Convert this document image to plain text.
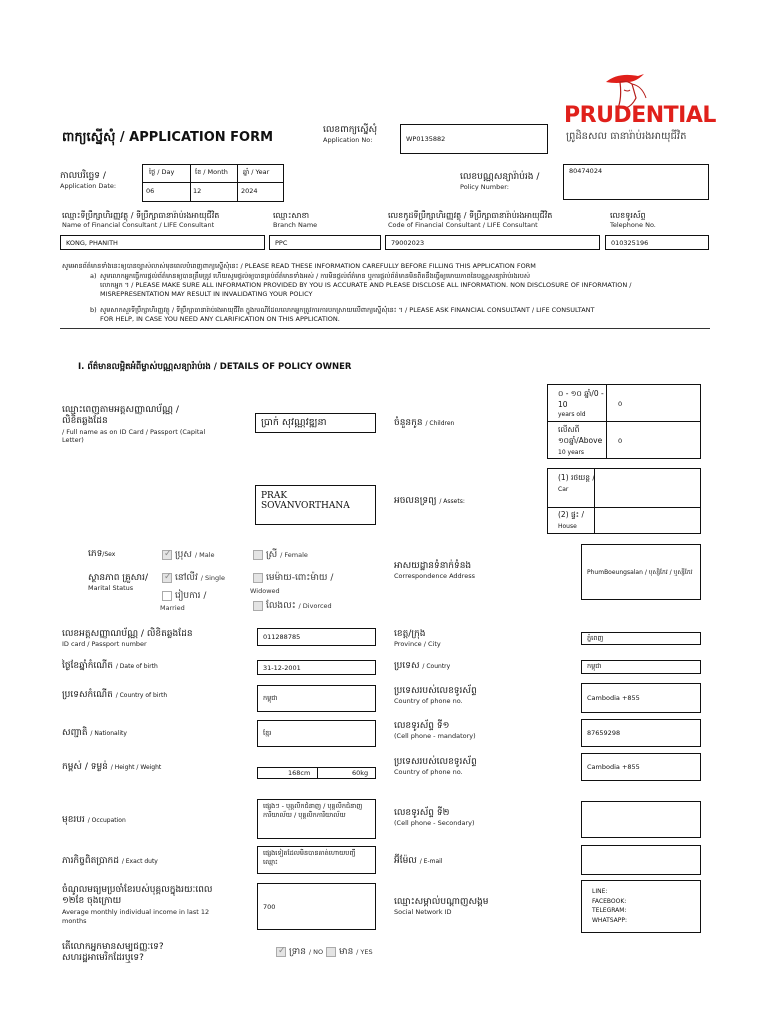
PRUDENTIAL
ព្រូដិនសល ធានារ៉ាប់រងអាយុជីវិត
ពាក្យស្នើសុំ / APPLICATION FORM	លេខពាក្យស្នើសុំ
Application No:	WP0135882
កាលបរិច្ឆេទ /
Application Date:
ថ្ងៃ / Day	ខែ / Month ឆ្នាំ / Year
06	12	2024
លេខបណ្ណសន្យារ៉ាប់រង /
Policy Number:
80474024
ឈ្មោះទីប្រឹក្សាហិរញ្ញវត្ថុ / ទីប្រឹក្សាធានារ៉ាប់រងអាយុជីវិត
Name of Financial Consultant / LIFE Consultant
KONG, PHANITH
ឈ្មោះសាខា
Branch Name
PPC
លេខកូដទីប្រឹក្សាហិរញ្ញវត្ថុ / ទីប្រឹក្សាធានារ៉ាប់រងអាយុជីវិត
Code of Financial Consultant / LIFE Consultant
79002023
លេខទូរស័ព្ទ
Telephone No.
010325196
សូមអានព័ត៌មានទាំងនេះឲ្យបានច្បាស់លាស់មុនពេលបំពេញពាក្យស្នើសុំនេះ / PLEASE READ THESE INFORMATION CAREFULLY BEFORE FILLING THIS APPLICATION FORM
a) សូមលោកអ្នកធ្វើការផ្តល់ព័ត៌មានឲ្យបានត្រឹមត្រូវ ហើយសូមផ្តល់ឲ្យបានគ្រប់ព័ត៌មានទាំងអស់ / ការមិនផ្តល់ព័ត៌មាន ឬការផ្តល់ព័ត៌មានមិនពិតនឹងធ្វើឲ្យមោឃភាពនៃបណ្ណសន្យារ៉ាប់រងរបស់
លោកអ្នក ។ / PLEASE MAKE SURE ALL INFORMATION PROVIDED BY YOU IS ACCURATE AND PLEASE DISCLOSE ALL INFORMATION. NON DISCLOSURE OF INFORMATION /
MISREPRESENTATION MAY RESULT IN INVALIDATING YOUR POLICY
b) សូមសាកសួរទីប្រឹក្សាហិរញ្ញវត្ថុ / ទីប្រឹក្សាធានារ៉ាប់រងអាយុជីវិត ក្នុងករណីដែលលោកអ្នកត្រូវការការបកស្រាយលើពាក្យស្នើសុំនេះ ។ / PLEASE ASK FINANCIAL CONSULTANT / LIFE CONSULTANT
FOR HELP, IN CASE YOU NEED ANY CLARIFICATION ON THIS APPLICATION.
I. ព័ត៌មានលម្អិតអំពីម្ចាស់បណ្ណសន្យារ៉ាប់រង / DETAILS OF POLICY OWNER
ឈ្មោះពេញតាមអត្តសញ្ញាណប័ណ្ណ / លិខិតឆ្លងដែន
/ Full name as on ID Card / Passport (Capital Letter)
ប្រាក់ សុវណ្ណវឌ្ឍនា
PRAK SOVANVORTHANA
ចំនួនកូន / Children
០ - ១០ ឆ្នាំ/0 - 10
years old
0
លើសពី ១០ឆ្នាំ/Above
10 years
0
អចលនទ្រព្យ / Assets:
(1) រថយន្ត /
Car
(2) ផ្ទះ /
House
ភេទ/Sex
✓	ប្រុស / Male	ស្រី / Female
ស្ថានភាព គ្រួសារ/
Marital Status
✓នៅលីវ / Single	មេម៉ាយ-ពោះម៉ាយ /
Widowed
រៀបការ /
Married	លែងលះ / Divorced
អាសយដ្ឋានទំនាក់ទំនង
Correspondence Address
PhumBoeungsalan / បុស្សិកែវ / ឬស្សីកែវ
លេខអត្តសញ្ញាណប័ណ្ណ / លិខិតឆ្លងដែន
ID card / Passport number
011288785	ខេត្ត/ក្រុង
Province / City
ភ្នំពេញ
ថ្ងៃខែឆ្នាំកំណើត / Date of birth	31-12-2001	ប្រទេស / Country	កម្ពុជា
ប្រទេសកំណើត / Country of birth	កម្ពុជា
ប្រទេសរបស់លេខទូរស័ព្ទ
Country of phone no.	Cambodia +855
សញ្ជាតិ / Nationality	ខ្មែរ
លេខទូរស័ព្ទ ទី១
(Cell phone - mandatory)	87659298
កម្ពស់ / ទម្ងន់ / Height / Weight
168cm	60kg
ប្រទេសរបស់លេខទូរស័ព្ទ
Country of phone no.
Cambodia +855
មុខរបរ / Occupation
ផ្សេងៗ - បុគ្គលិកជំនាញ / បុគ្គលិកជំនាញការិយាល័យ / បុគ្គលិកការិយាល័យ	លេខទូរស័ព្ទ ទី២
(Cell phone - Secondary)
ភារកិច្ចពិតប្រាកដ / Exact duty
ផ្សេងទៀតដែលមិនបានគាត់ហោយបញ្ជីឈ្មោះ	អ៊ីម៉ែល / E-mail
ចំណូលមធ្យមប្រចាំខែរបស់បុគ្គលក្នុងរយៈពេល ១២ខែ ចុងក្រោយ
Average monthly individual income in last 12 months
700	ឈ្មោះសម្គាល់បណ្តាញសង្គម
Social Network ID
LINE:
FACEBOOK:
TELEGRAM:
WHATSAPP:
តើលោកអ្នកមានសម្បជញ្ញៈទេ?
សហរដ្ឋអាមេរិកដែរឬទេ?
✓ទ្រាន / NO	មាន / YES
